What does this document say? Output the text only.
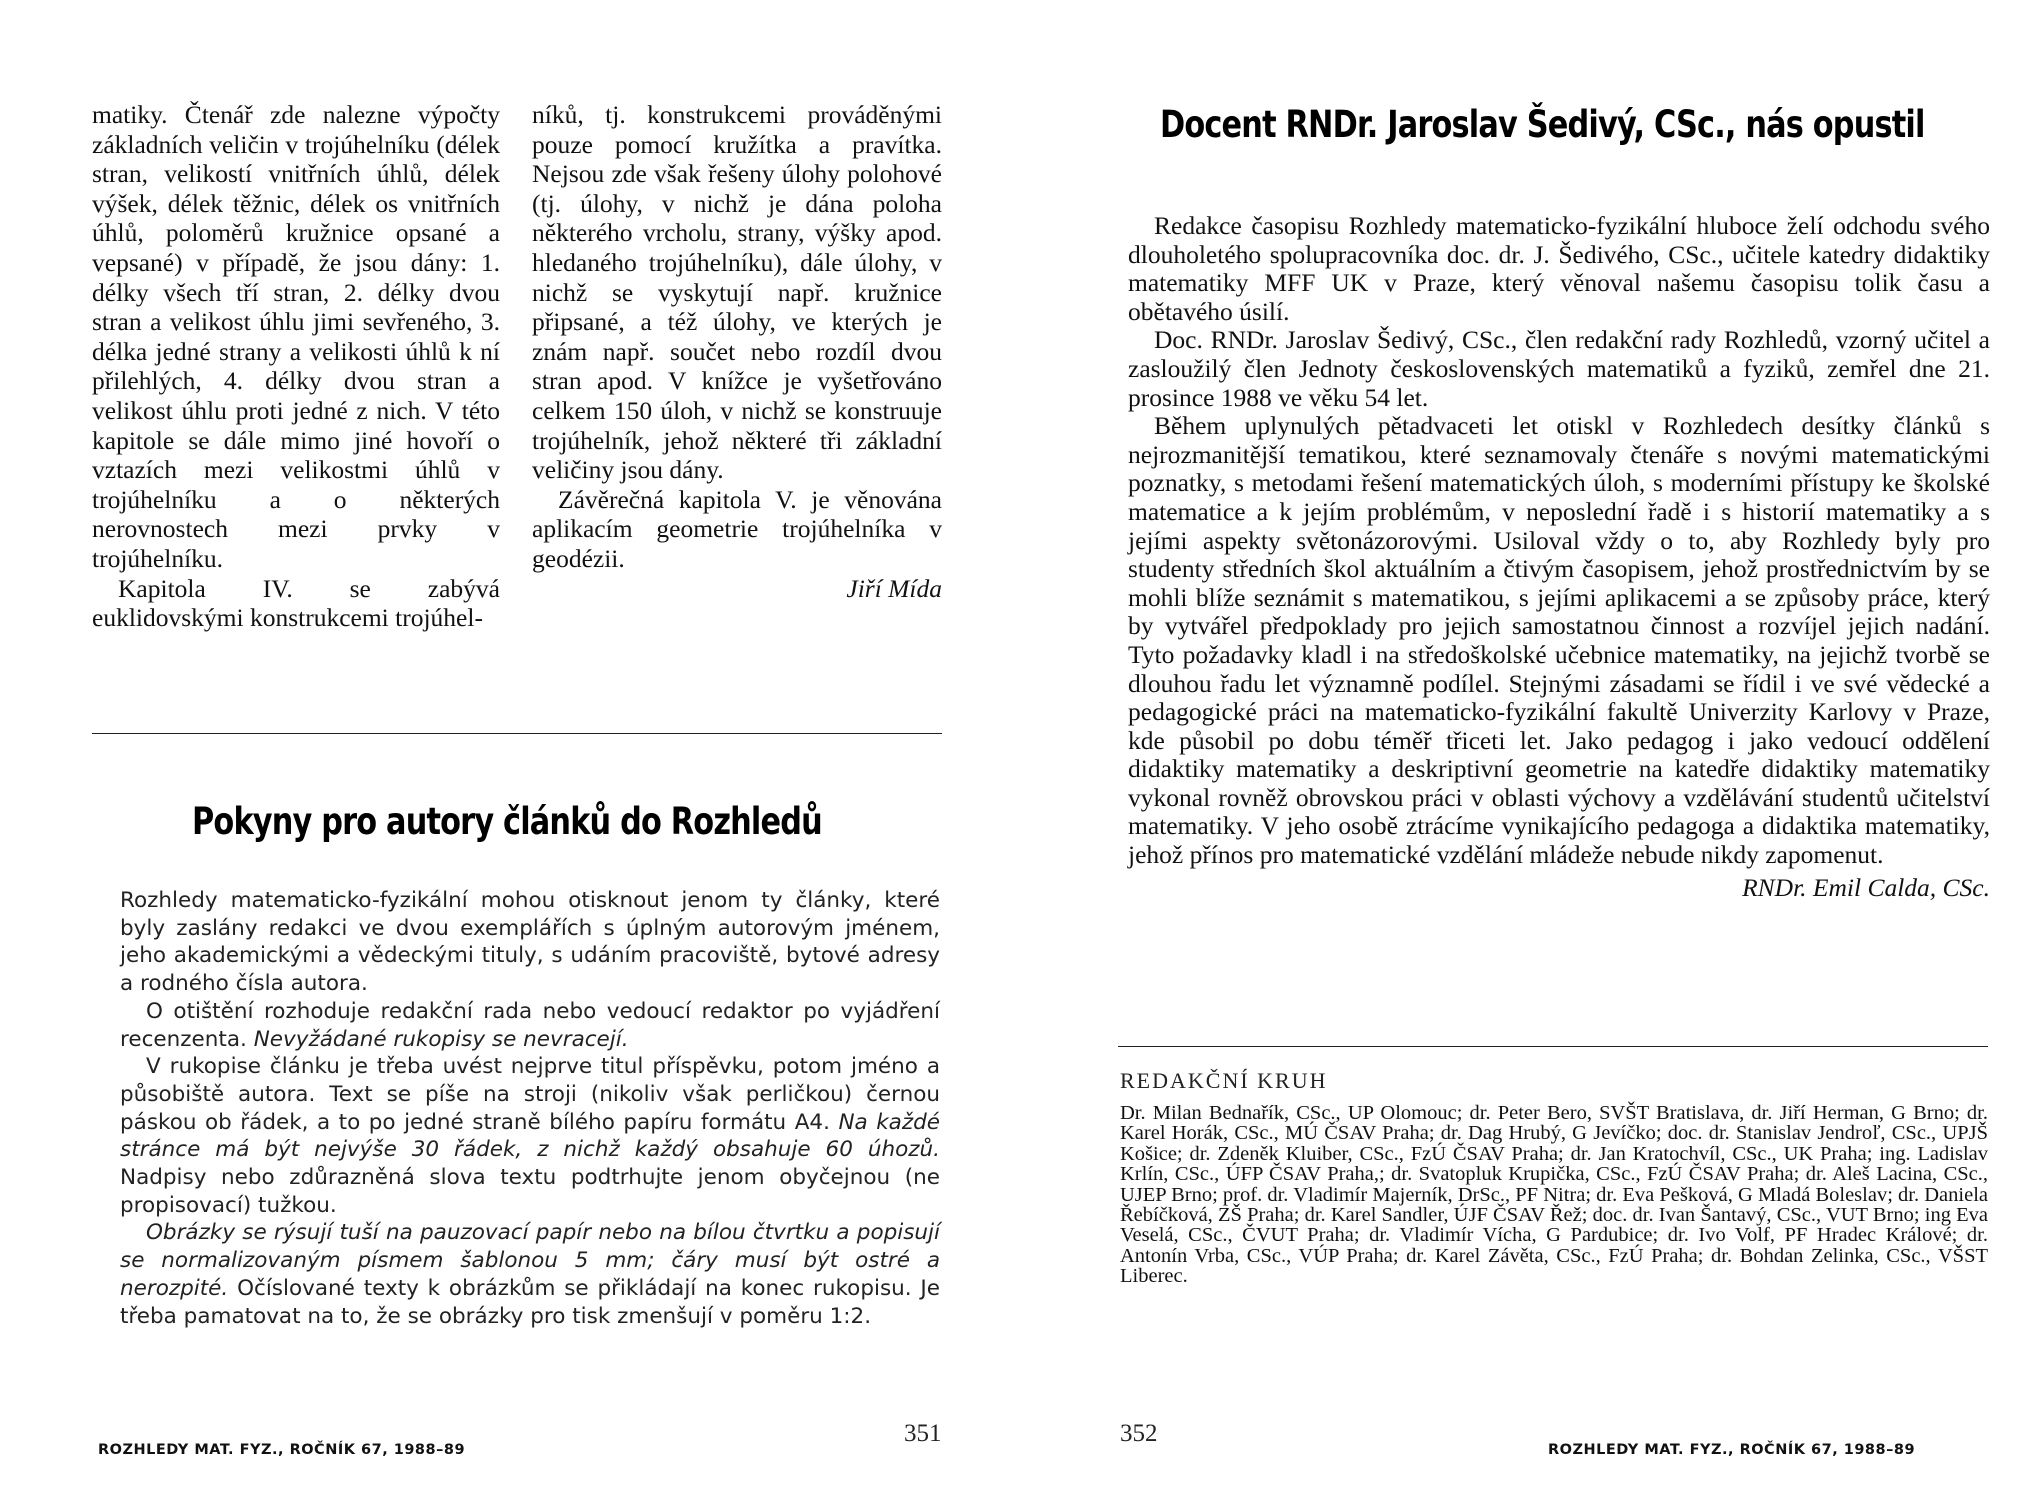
matiky. Čtenář zde nalezne výpočty základních veličin v trojúhelníku (délek stran, velikostí vnitřních úhlů, délek výšek, délek těžnic, délek os vnitřních úhlů, poloměrů kružnice opsané a vepsané) v případě, že jsou dány: 1. délky všech tří stran, 2. délky dvou stran a velikost úhlu jimi sevřeného, 3. délka jedné strany a velikosti úhlů k ní přilehlých, 4. délky dvou stran a velikost úhlu proti jedné z nich. V této kapitole se dále mimo jiné hovoří o vztazích mezi velikostmi úhlů v trojúhelníku a o některých nerovnostech mezi prvky v trojúhelníku.

Kapitola IV. se zabývá euklidovskými konstrukcemi trojúhel-

níků, tj. konstrukcemi prováděnými pouze pomocí kružítka a pravítka. Nejsou zde však řešeny úlohy polohové (tj. úlohy, v nichž je dána poloha některého vrcholu, strany, výšky apod. hledaného trojúhelníku), dále úlohy, v nichž se vyskytují např. kružnice připsané, a též úlohy, ve kterých je znám např. součet nebo rozdíl dvou stran apod. V knížce je vyšetřováno celkem 150 úloh, v nichž se konstruuje trojúhelník, jehož některé tři základní veličiny jsou dány.

Závěrečná kapitola V. je věnována aplikacím geometrie trojúhelníka v geodézii.

Jiří Mída

Pokyny pro autory článků do Rozhledů

Rozhledy matematicko-fyzikální mohou otisknout jenom ty články, které byly zaslány redakci ve dvou exemplářích s úplným autorovým jménem, jeho akademickými a vědeckými tituly, s udáním pracoviště, bytové adresy a rodného čísla autora.

O otištění rozhoduje redakční rada nebo vedoucí redaktor po vyjádření recenzenta. Nevyžádané rukopisy se nevracejí.

V rukopise článku je třeba uvést nejprve titul příspěvku, potom jméno a působiště autora. Text se píše na stroji (nikoliv však perličkou) černou páskou ob řádek, a to po jedné straně bílého papíru formátu A4. Na každé stránce má být nejvýše 30 řádek, z nichž každý obsahuje 60 úhozů. Nadpisy nebo zdůrazněná slova textu podtrhujte jenom obyčejnou (ne propisovací) tužkou.

Obrázky se rýsují tuší na pauzovací papír nebo na bílou čtvrtku a popisují se normalizovaným písmem šablonou 5 mm; čáry musí být ostré a nerozpité. Očíslované texty k obrázkům se přikládají na konec rukopisu. Je třeba pamatovat na to, že se obrázky pro tisk zmenšují v poměru 1:2.

ROZHLEDY MAT. FYZ., ROČNÍK 67, 1988–89
351
Docent RNDr. Jaroslav Šedivý, CSc., nás opustil

Redakce časopisu Rozhledy matematicko-fyzikální hluboce želí odchodu svého dlouholetého spolupracovníka doc. dr. J. Šedivého, CSc., učitele katedry didaktiky matematiky MFF UK v Praze, který věnoval našemu časopisu tolik času a obětavého úsilí.

Doc. RNDr. Jaroslav Šedivý, CSc., člen redakční rady Rozhledů, vzorný učitel a zasloužilý člen Jednoty československých matematiků a fyziků, zemřel dne 21. prosince 1988 ve věku 54 let.

Během uplynulých pětadvaceti let otiskl v Rozhledech desítky článků s nejrozmanitější tematikou, které seznamovaly čtenáře s novými matematickými poznatky, s metodami řešení matematických úloh, s moderními přístupy ke školské matematice a k jejím problémům, v neposlední řadě i s historií matematiky a s jejími aspekty světonázorovými. Usiloval vždy o to, aby Rozhledy byly pro studenty středních škol aktuálním a čtivým časopisem, jehož prostřednictvím by se mohli blíže seznámit s matematikou, s jejími aplikacemi a se způsoby práce, který by vytvářel předpoklady pro jejich samostatnou činnost a rozvíjel jejich nadání. Tyto požadavky kladl i na středoškolské učebnice matematiky, na jejichž tvorbě se dlouhou řadu let významně podílel. Stejnými zásadami se řídil i ve své vědecké a pedagogické práci na matematicko-fyzikální fakultě Univerzity Karlovy v Praze, kde působil po dobu téměř třiceti let. Jako pedagog i jako vedoucí oddělení didaktiky matematiky a deskriptivní geometrie na katedře didaktiky matematiky vykonal rovněž obrovskou práci v oblasti výchovy a vzdělávání studentů učitelství matematiky. V jeho osobě ztrácíme vynikajícího pedagoga a didaktika matematiky, jehož přínos pro matematické vzdělání mládeže nebude nikdy zapomenut.

RNDr. Emil Calda, CSc.

REDAKČNÍ KRUH
Dr. Milan Bednařík, CSc., UP Olomouc; dr. Peter Bero, SVŠT Bratislava, dr. Jiří Herman, G Brno; dr. Karel Horák, CSc., MÚ ČSAV Praha; dr. Dag Hrubý, G Jevíčko; doc. dr. Stanislav Jendroľ, CSc., UPJŠ Košice; dr. Zdeněk Kluiber, CSc., FzÚ ČSAV Praha; dr. Jan Kratochvíl, CSc., UK Praha; ing. Ladislav Krlín, CSc., ÚFP ČSAV Praha,; dr. Svatopluk Krupička, CSc., FzÚ ČSAV Praha; dr. Aleš Lacina, CSc., UJEP Brno; prof. dr. Vladimír Majerník, DrSc., PF Nitra; dr. Eva Pešková, G Mladá Boleslav; dr. Daniela Řebíčková, ZŠ Praha; dr. Karel Sandler, ÚJF ČSAV Řež; doc. dr. Ivan Šantavý, CSc., VUT Brno; ing Eva Veselá, CSc., ČVUT Praha; dr. Vladimír Vícha, G Pardubice; dr. Ivo Volf, PF Hradec Králové; dr. Antonín Vrba, CSc., VÚP Praha; dr. Karel Závěta, CSc., FzÚ Praha; dr. Bohdan Zelinka, CSc., VŠST Liberec.
352
ROZHLEDY MAT. FYZ., ROČNÍK 67, 1988–89
